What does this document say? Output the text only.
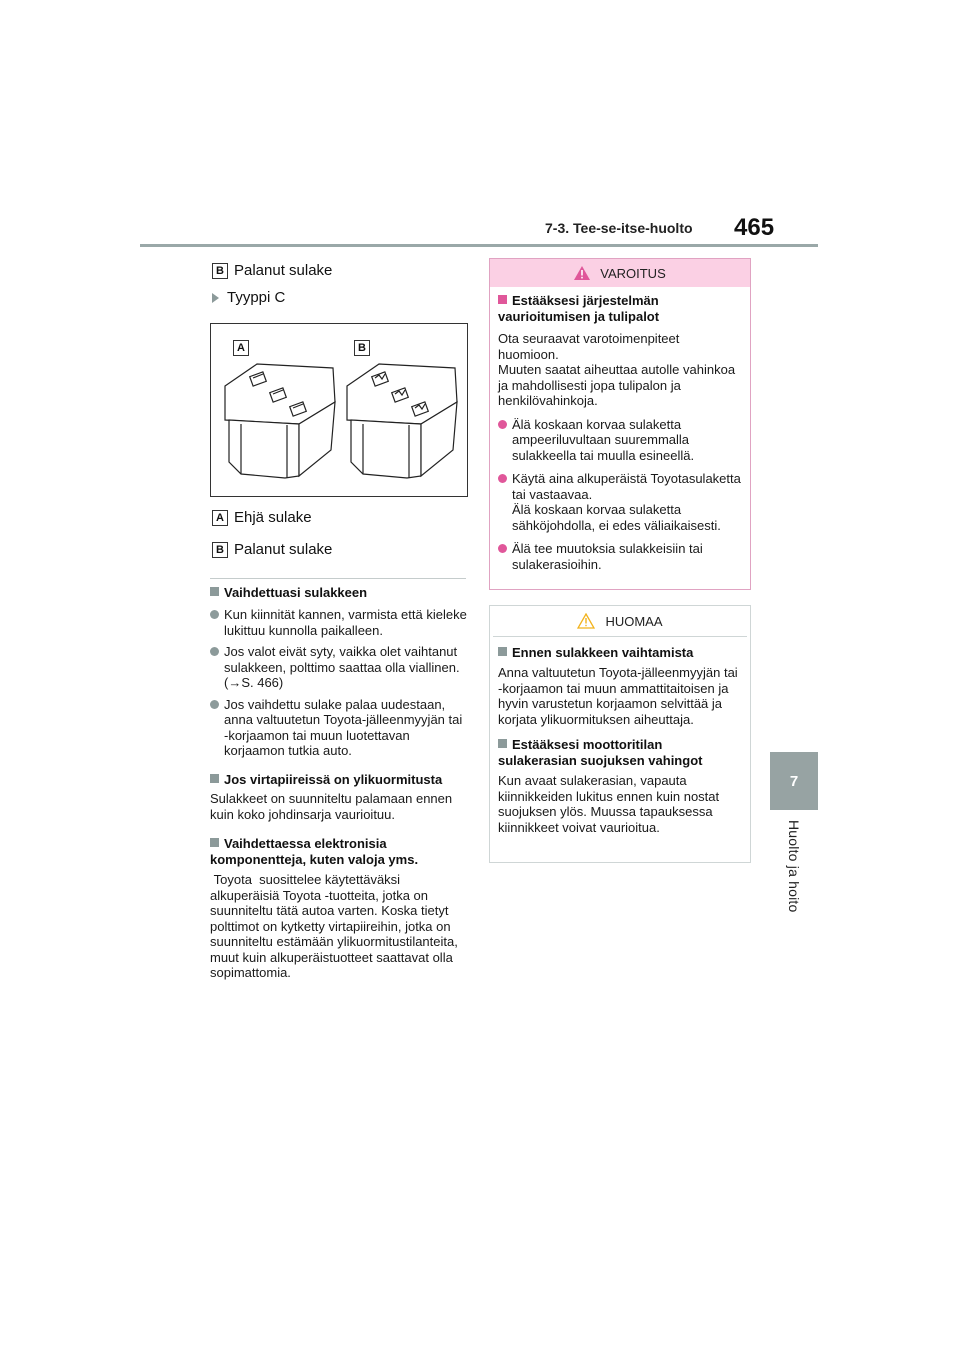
7-3. Tee-se-itse-huolto 465
7
Huolto ja hoito
B Palanut sulake
Tyyppi C
A	B
A Ehjä sulake
B Palanut sulake
Vaihdettuasi sulakkeen
Kun kiinnität kannen, varmista että kieleke lukittuu kunnolla paikalleen.
Jos valot eivät syty, vaikka olet vaihtanut sulakkeen, polttimo saattaa olla viallinen. (→S. 466)
Jos vaihdettu sulake palaa uudestaan, anna valtuutetun Toyota-jälleenmyyjän tai -korjaamon tai muun luotettavan korjaamon tutkia auto.
Jos virtapiireissä on ylikuormitusta
Sulakkeet on suunniteltu palamaan ennen kuin koko johdinsarja vaurioituu.
Vaihdettaessa elektronisia komponentteja, kuten valoja yms.
Toyota  suosittelee käytettäväksi alkuperäisiä Toyota -tuotteita, jotka on suunniteltu tätä autoa varten. Koska tietyt polttimot on kytketty virtapiireihin, jotka on suunniteltu estämään ylikuormitustilanteita, muut kuin alkuperäistuotteet saattavat olla sopimattomia.
VAROITUS
Estääksesi järjestelmän vaurioitumisen ja tulipalot
Ota seuraavat varotoimenpiteet huomioon.
Muuten saatat aiheuttaa autolle vahinkoa ja mahdollisesti jopa tulipalon ja henkilövahinkoja.
Älä koskaan korvaa sulaketta ampeeriluvultaan suuremmalla sulakkeella tai muulla esineellä.
Käytä aina alkuperäistä Toyotasulaketta tai vastaavaa.
Älä koskaan korvaa sulaketta sähköjohdolla, ei edes väliaikaisesti.
Älä tee muutoksia sulakkeisiin tai sulakerasioihin.
HUOMAA
Ennen sulakkeen vaihtamista
Anna valtuutetun Toyota-jälleenmyyjän tai -korjaamon tai muun ammattitaitoisen ja hyvin varustetun korjaamon selvittää ja korjata ylikuormituksen aiheuttaja.
Estääksesi moottoritilan sulakerasian suojuksen vahingot
Kun avaat sulakerasian, vapauta kiinnikkeiden lukitus ennen kuin nostat suojuksen ylös. Muussa tapauksessa kiinnikkeet voivat vaurioitua.
